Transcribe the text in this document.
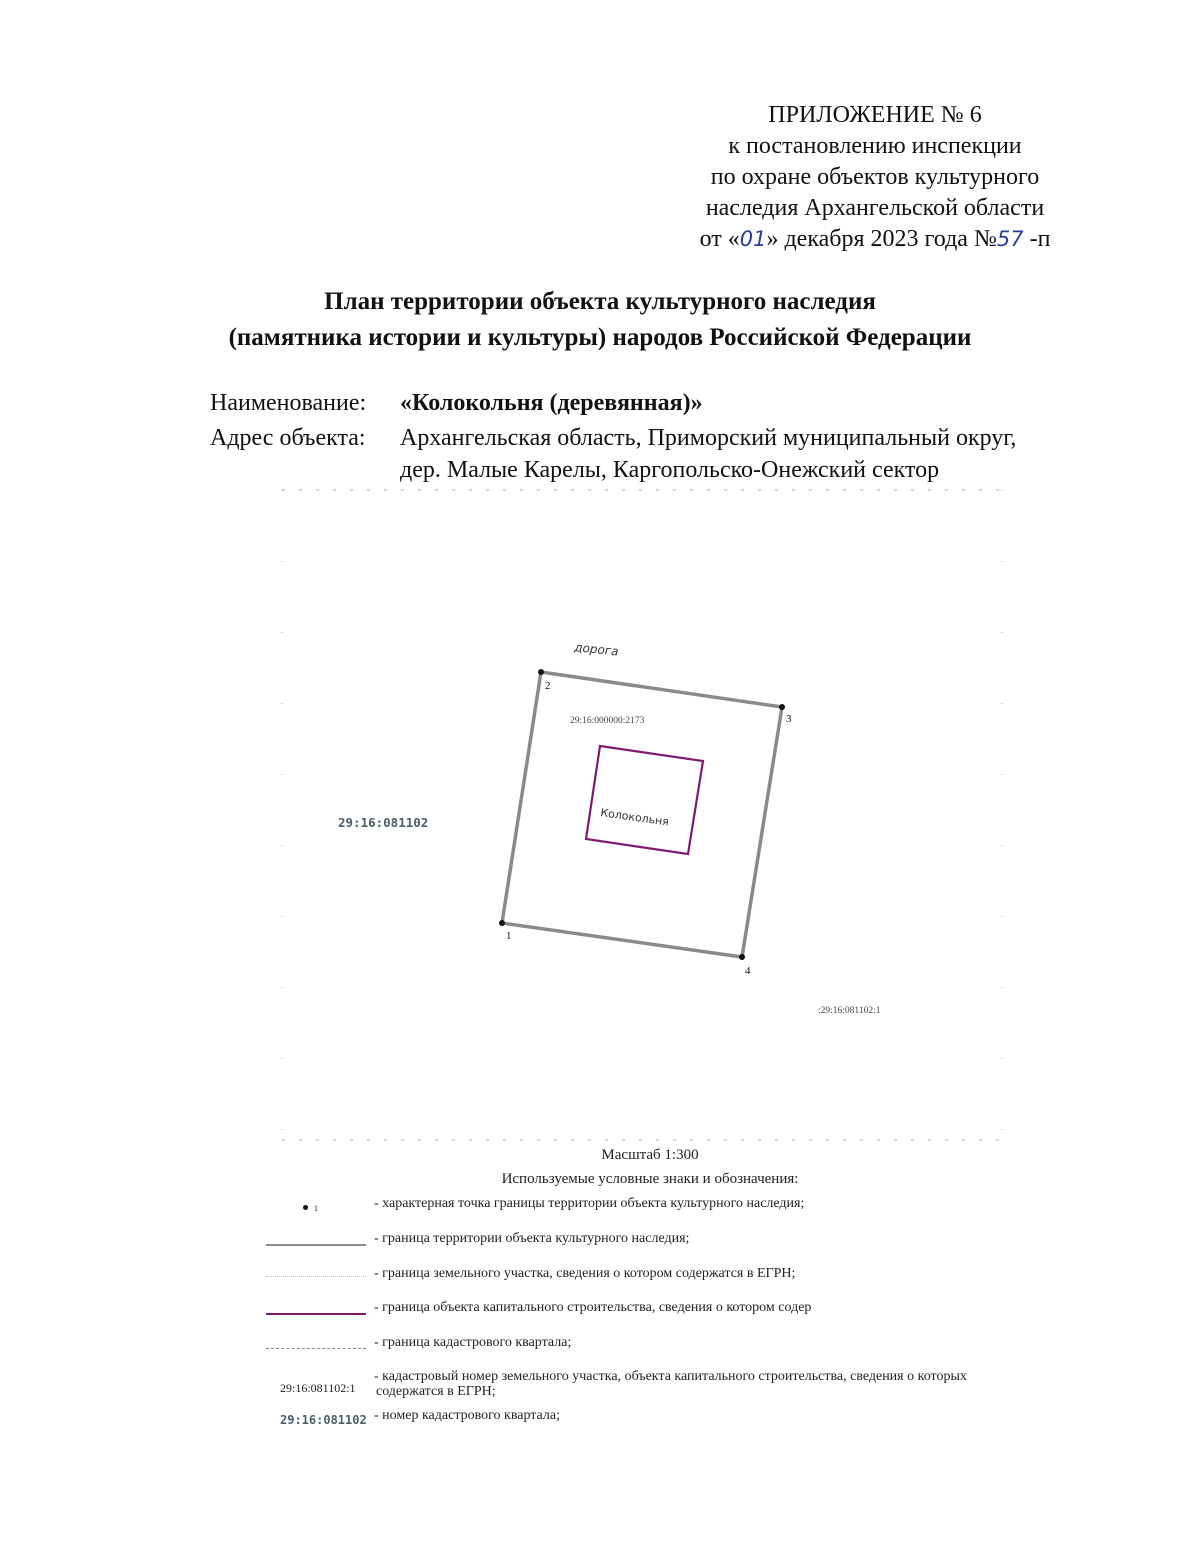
ПРИЛОЖЕНИЕ № 6
к постановлению инспекции
по охране объектов культурного
наследия Архангельской области
от «01» декабря 2023 года №57 -п
План территории объекта культурного наследия
(памятника истории и культуры) народов Российской Федерации
Наименование:	«Колокольня (деревянная)»
Адрес объекта:	Архангельская область, Приморский муниципальный округ,
дер. Малые Карелы, Каргопольско-Онежский сектор
2
3
4
1
дорога
29:16:000000:2173
Колокольня
29:16:081102
:29:16:081102:1
Масштаб 1:300
Используемые условные знаки и обозначения:
1	- характерная точка границы территории объекта культурного наследия;
- граница территории объекта культурного наследия;
- граница земельного участка, сведения о котором содержатся в ЕГРН;
- граница объекта капитального строительства, сведения о котором содер
- граница кадастрового квартала;
29:16:081102:1
- кадастровый номер земельного участка, объекта капитального строительства, сведения о которых
содержатся в ЕГРН;
29:16:081102 - номер кадастрового квартала;
